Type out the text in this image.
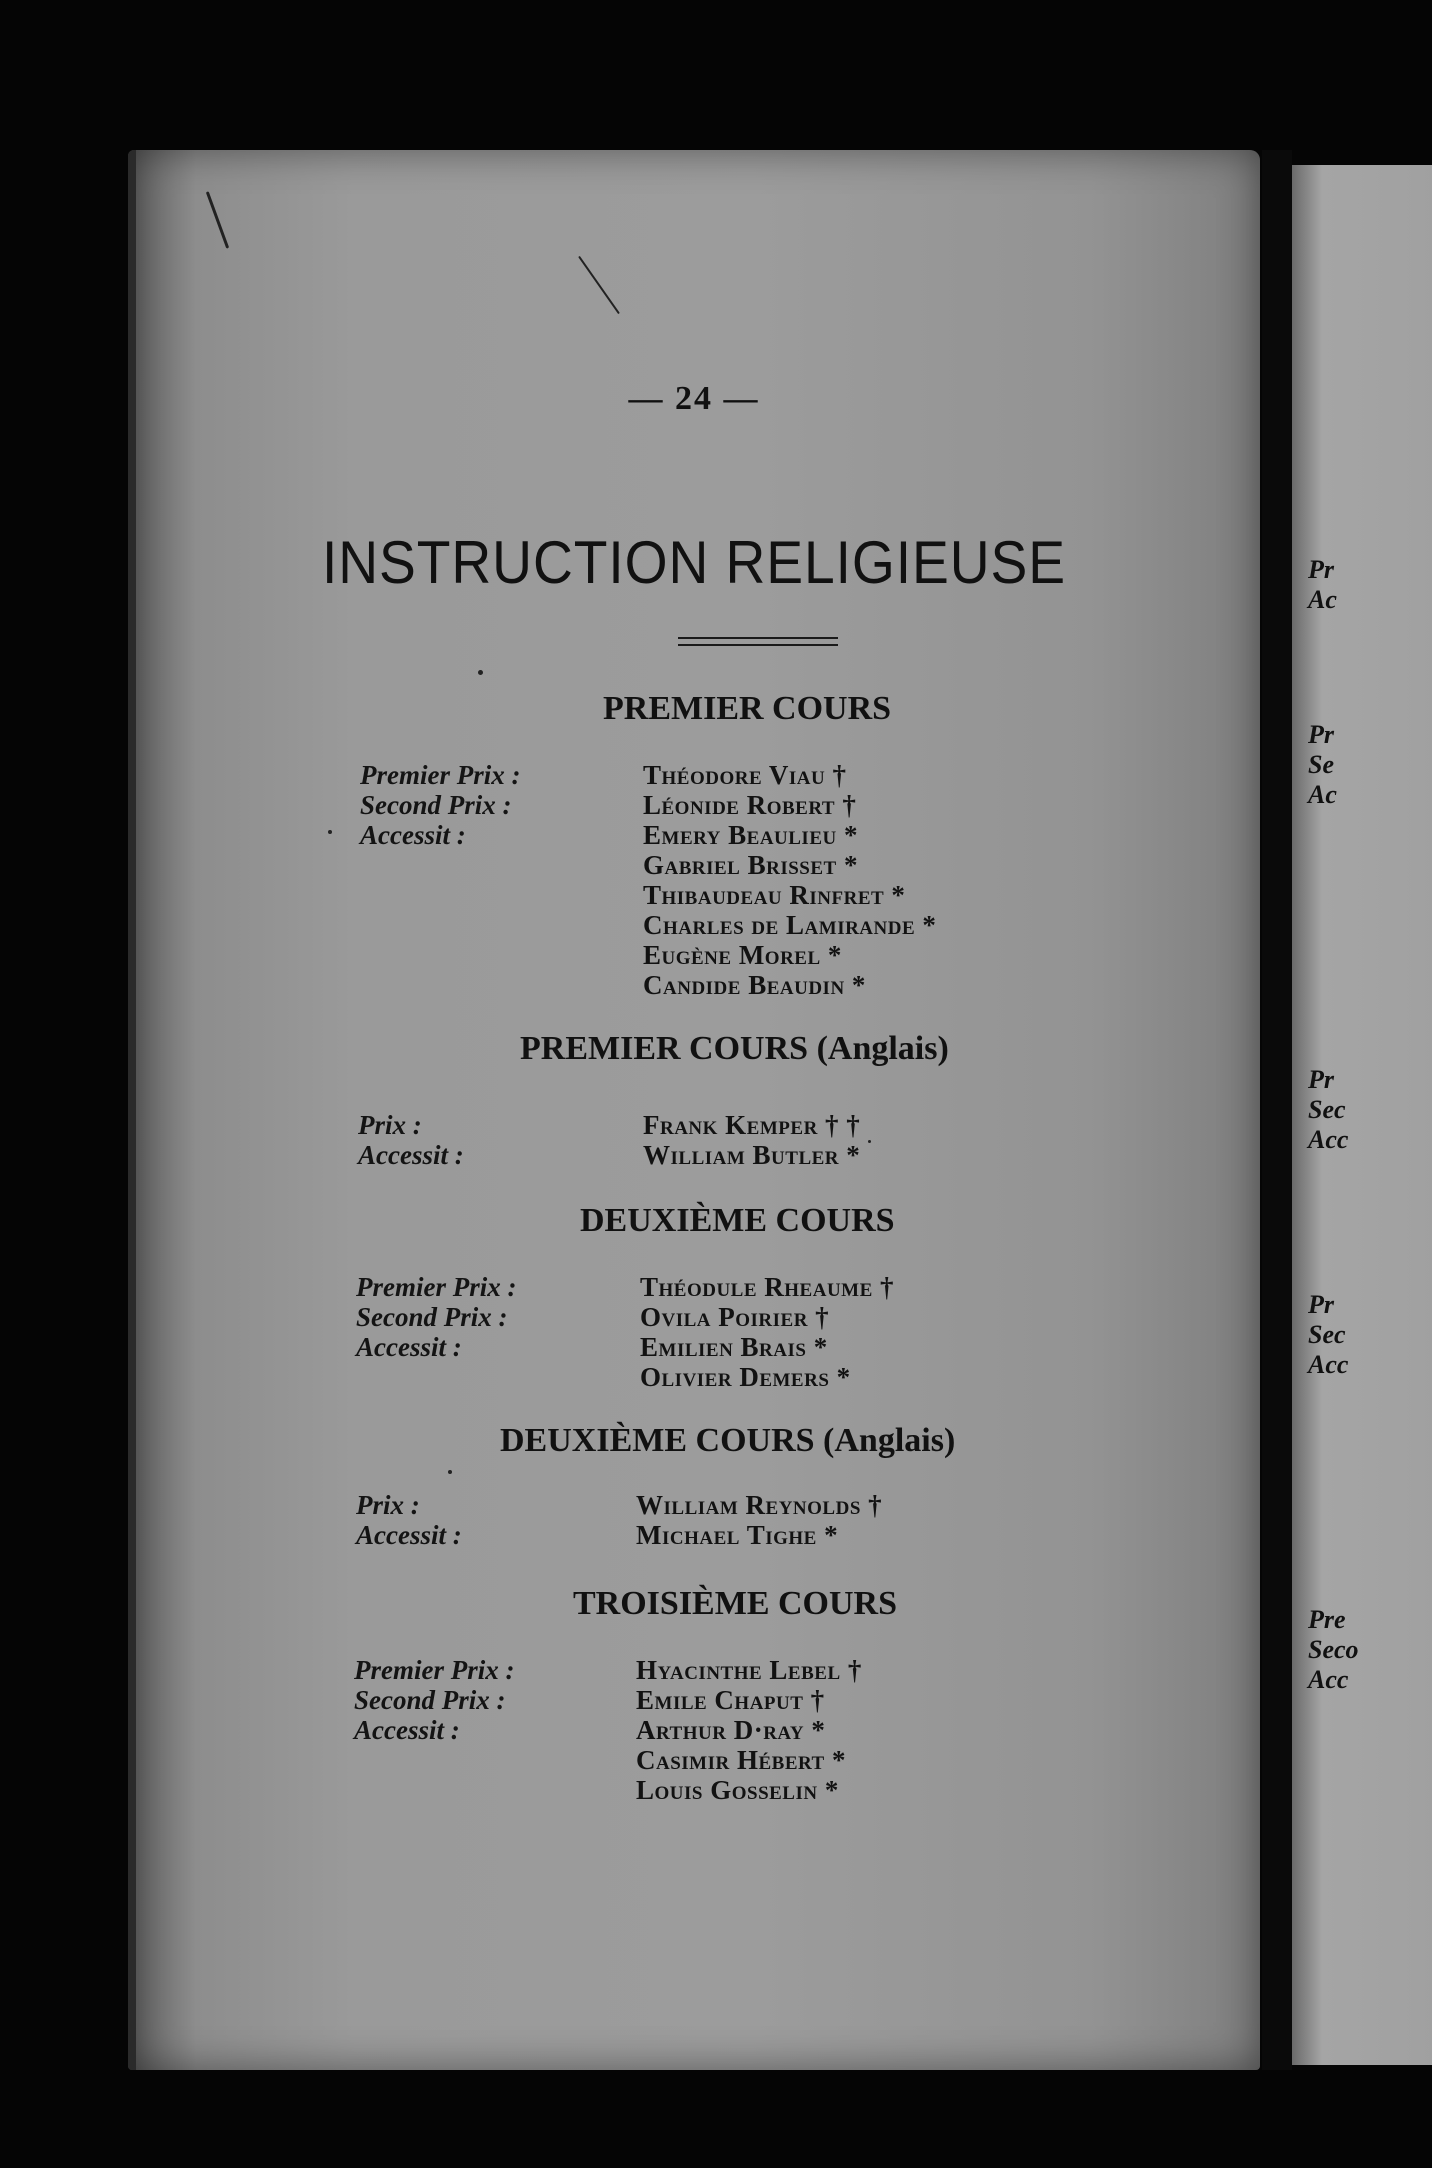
— 24 —
INSTRUCTION RELIGIEUSE
PREMIER COURS
Premier Prix :
Second Prix :
Accessit :
Théodore Viau †
Léonide Robert †
Emery Beaulieu *
Gabriel Brisset *
Thibaudeau Rinfret *
Charles de Lamirande *
Eugène Morel *
Candide Beaudin *
PREMIER COURS (Anglais)
Prix :
Accessit :
Frank Kemper † †
William Butler *
DEUXIÈME COURS
Premier Prix :
Second Prix :
Accessit :
Théodule Rheaume †
Ovila Poirier †
Emilien Brais *
Olivier Demers *
DEUXIÈME COURS (Anglais)
Prix :
Accessit :
William Reynolds †
Michael Tighe *
TROISIÈME COURS
Premier Prix :
Second Prix :
Accessit :
Hyacinthe Lebel †
Emile Chaput †
Arthur D·ray *
Casimir Hébert *
Louis Gosselin *
Pr
Ac
Pr
Se
Ac
Pr
Sec
Acc
Pr
Sec
Acc
Pre
Seco
Acc
